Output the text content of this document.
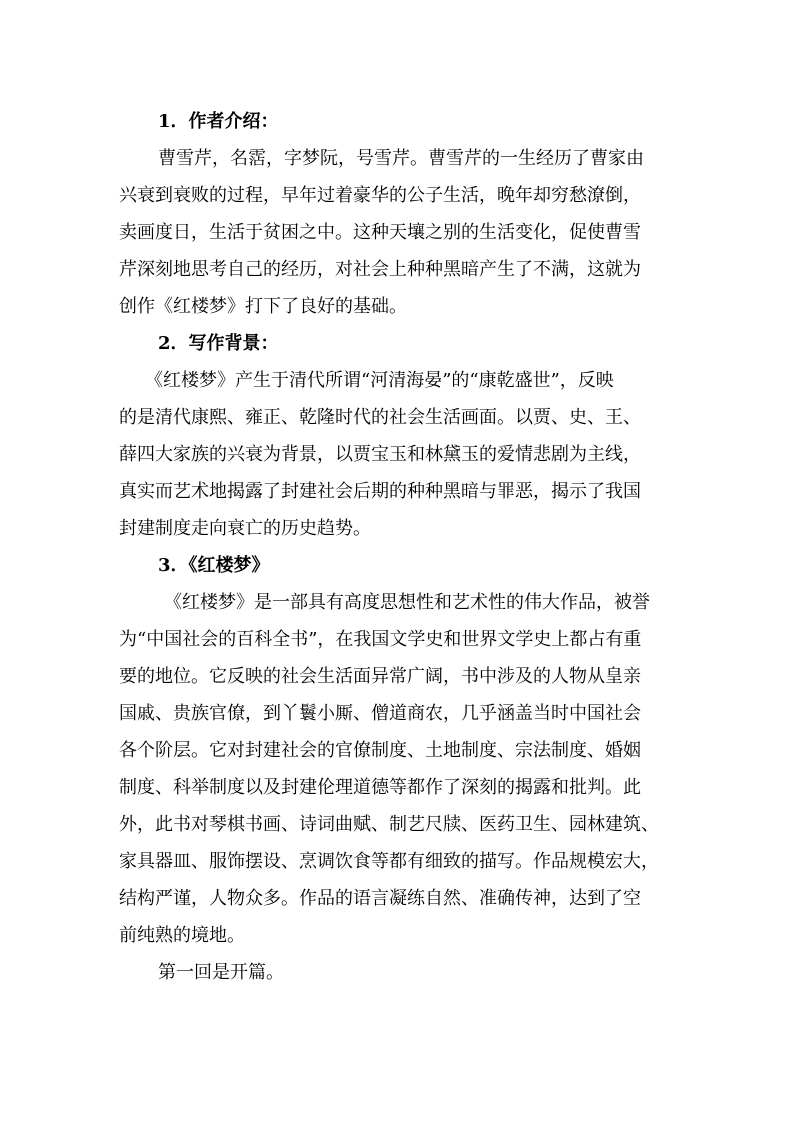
1．作者介绍：
曹雪芹，名霑，字梦阮，号雪芹。曹雪芹的一生经历了曹家由
兴衰到衰败的过程，早年过着豪华的公子生活，晚年却穷愁潦倒，
卖画度日，生活于贫困之中。这种天壤之别的生活变化，促使曹雪
芹深刻地思考自己的经历，对社会上种种黑暗产生了不满，这就为
创作《红楼梦》打下了良好的基础。
2．写作背景：
《红楼梦》产生于清代所谓“河清海晏”的“康乾盛世”，反映
的是清代康熙、雍正、乾隆时代的社会生活画面。以贾、史、王、
薛四大家族的兴衰为背景，以贾宝玉和林黛玉的爱情悲剧为主线，
真实而艺术地揭露了封建社会后期的种种黑暗与罪恶，揭示了我国
封建制度走向衰亡的历史趋势。
3．《红楼梦》
《红楼梦》是一部具有高度思想性和艺术性的伟大作品，被誉
为“中国社会的百科全书”，在我国文学史和世界文学史上都占有重
要的地位。它反映的社会生活面异常广阔，书中涉及的人物从皇亲
国戚、贵族官僚，到丫鬟小厮、僧道商农，几乎涵盖当时中国社会
各个阶层。它对封建社会的官僚制度、土地制度、宗法制度、婚姻
制度、科举制度以及封建伦理道德等都作了深刻的揭露和批判。此
外，此书对琴棋书画、诗词曲赋、制艺尺牍、医药卫生、园林建筑、
家具器皿、服饰摆设、烹调饮食等都有细致的描写。作品规模宏大，
结构严谨，人物众多。作品的语言凝练自然、准确传神，达到了空
前纯熟的境地。
第一回是开篇。
